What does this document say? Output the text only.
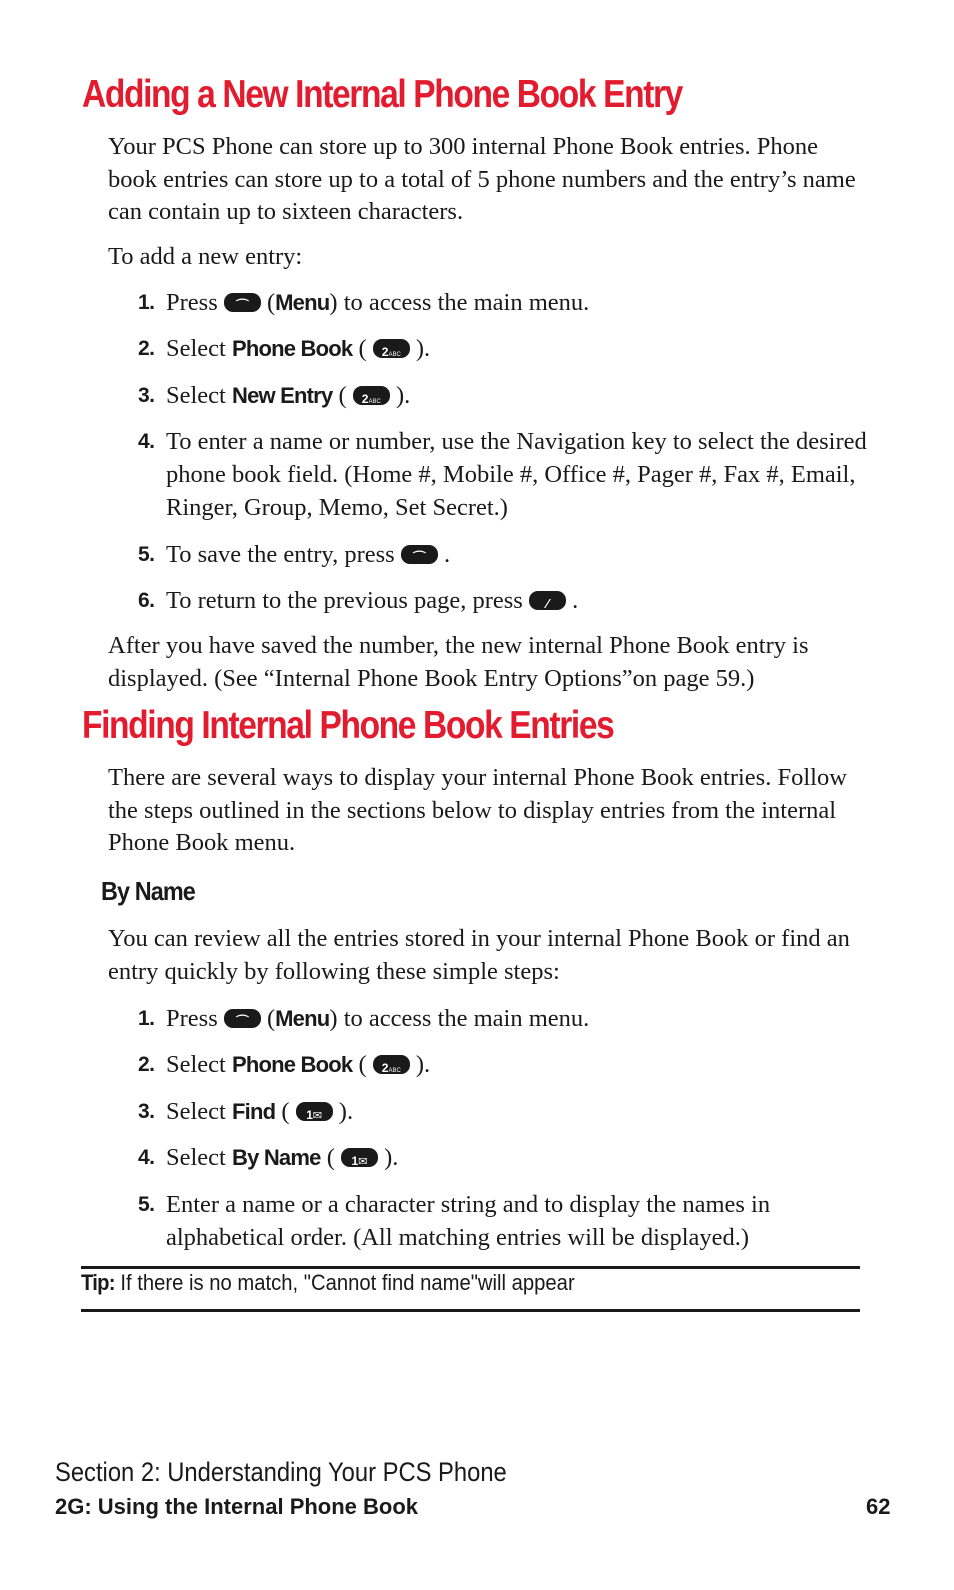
Adding a New Internal Phone Book Entry

Your PCS Phone can store up to 300 internal Phone Book entries. Phone book entries can store up to a total of 5 phone numbers and the entry’s name can contain up to sixteen characters.

To add a new entry:

1. Press ⌒ (Menu) to access the main menu.
2. Select Phone Book ( 2ABC ).
3. Select New Entry ( 2ABC ).
4. To enter a name or number, use the Navigation key to select the desired phone book field. (Home #, Mobile #, Office #, Pager #, Fax #, Email, Ringer, Group, Memo, Set Secret.)
5. To save the entry, press ⌒ .
6. To return to the previous page, press ⁄ .

After you have saved the number, the new internal Phone Book entry is displayed. (See “Internal Phone Book Entry Options”on page 59.)

Finding Internal Phone Book Entries

There are several ways to display your internal Phone Book entries. Follow the steps outlined in the sections below to display entries from the internal Phone Book menu.

By Name

You can review all the entries stored in your internal Phone Book or find an entry quickly by following these simple steps:

1. Press ⌒ (Menu) to access the main menu.
2. Select Phone Book ( 2ABC ).
3. Select Find ( 1✉ ).
4. Select By Name ( 1✉ ).
5. Enter a name or a character string and to display the names in alphabetical order. (All matching entries will be displayed.)
Tip: If there is no match, "Cannot find name"will appear
Section 2: Understanding Your PCS Phone
2G: Using the Internal Phone Book	62
